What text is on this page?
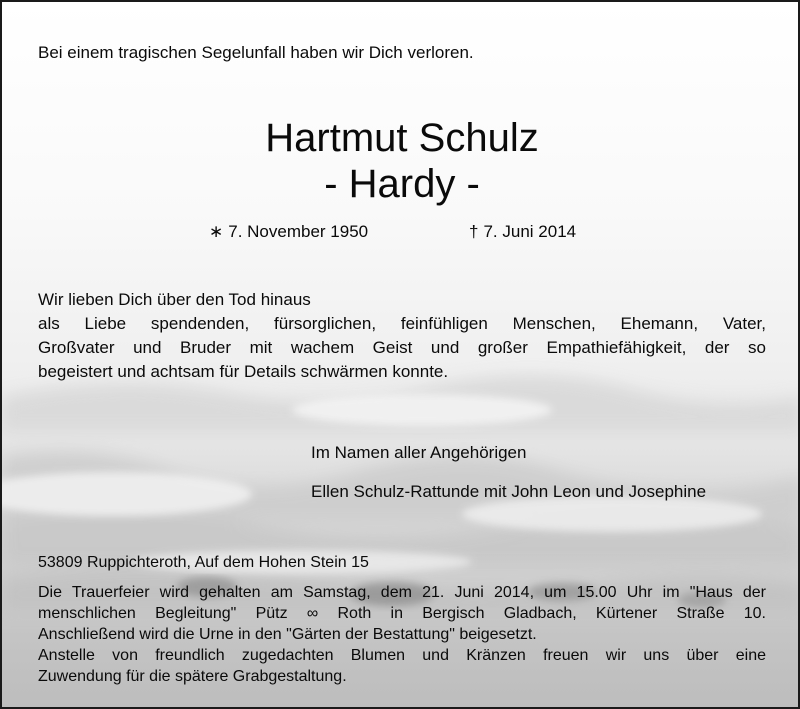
Bei einem tragischen Segelunfall haben wir Dich verloren.
Hartmut Schulz
- Hardy -
∗ 7. November 1950	† 7. Juni 2014
Wir lieben Dich über den Tod hinaus
als Liebe spendenden, fürsorglichen, feinfühligen Menschen, Ehemann, Vater,
Großvater und Bruder mit wachem Geist und großer Empathiefähigkeit, der so
begeistert und achtsam für Details schwärmen konnte.
Im Namen aller Angehörigen
Ellen Schulz-Rattunde mit John Leon und Josephine
53809 Ruppichteroth, Auf dem Hohen Stein 15
Die Trauerfeier wird gehalten am Samstag, dem 21. Juni 2014, um 15.00 Uhr im "Haus der
menschlichen Begleitung" Pütz ∞ Roth in Bergisch Gladbach, Kürtener Straße 10.
Anschließend wird die Urne in den "Gärten der Bestattung" beigesetzt.
Anstelle von freundlich zugedachten Blumen und Kränzen freuen wir uns über eine
Zuwendung für die spätere Grabgestaltung.
